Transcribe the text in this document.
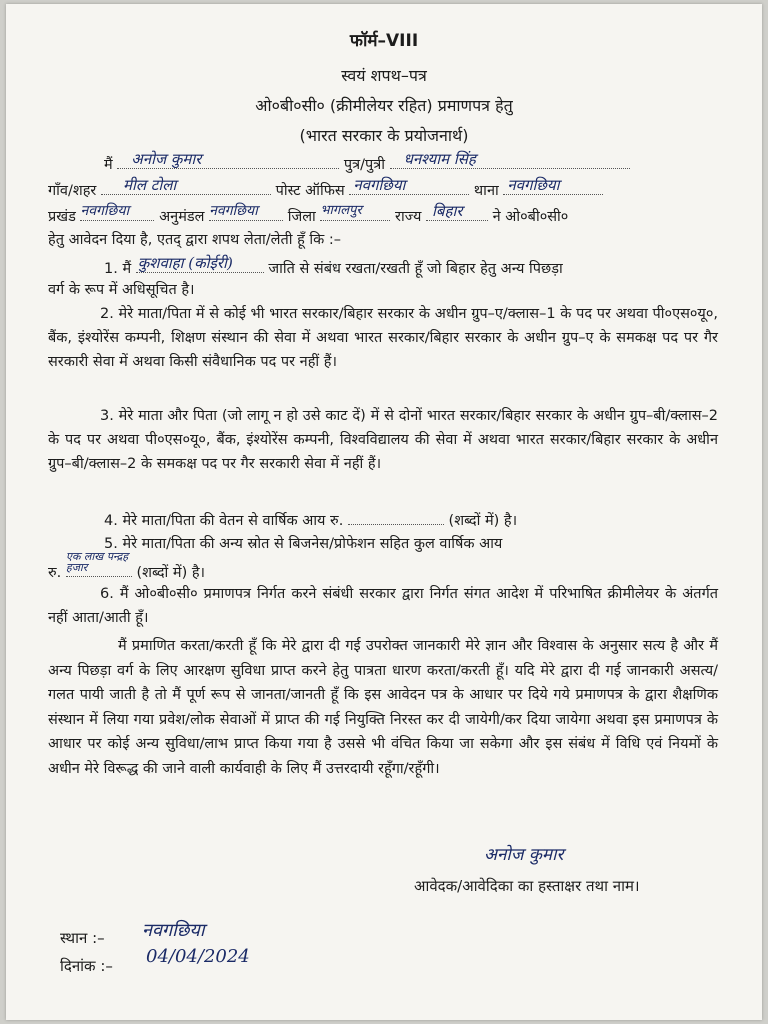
फॉर्म–VIII
स्वयं शपथ–पत्र
ओ०बी०सी० (क्रीमीलेयर रहित) प्रमाणपत्र हेतु
(भारत सरकार के प्रयोजनार्थ)
मैं अनोज कुमार	पुत्र/पुत्री धनश्याम सिंह
गाँव/शहर मील टोला	पोस्ट ऑफिस नवगछिया	थाना नवगछिया
प्रखंड नवगछिया अनुमंडल नवगछिया जिला भागलपुर राज्य बिहार ने ओ०बी०सी०
हेतु आवेदन दिया है, एतद् द्वारा शपथ लेता/लेती हूँ कि :–
1. मैं कुशवाहा (कोईरी) जाति से संबंध रखता/रखती हूँ जो बिहार हेतु अन्य पिछड़ा
वर्ग के रूप में अधिसूचित है।
2. मेरे माता/पिता में से कोई भी भारत सरकार/बिहार सरकार के अधीन ग्रुप–ए/क्लास–1 के पद पर अथवा पी०एस०यू०, बैंक, इंश्योरेंस कम्पनी, शिक्षण संस्थान की सेवा में अथवा भारत सरकार/बिहार सरकार के अधीन ग्रुप–ए के समकक्ष पद पर गैर सरकारी सेवा में अथवा किसी संवैधानिक पद पर नहीं हैं।
3. मेरे माता और पिता (जो लागू न हो उसे काट दें) में से दोनों भारत सरकार/बिहार सरकार के अधीन ग्रुप–बी/क्लास–2 के पद पर अथवा पी०एस०यू०, बैंक, इंश्योरेंस कम्पनी, विश्वविद्यालय की सेवा में अथवा भारत सरकार/बिहार सरकार के अधीन ग्रुप–बी/क्लास–2 के समकक्ष पद पर गैर सरकारी सेवा में नहीं हैं।
4. मेरे माता/पिता की वेतन से वार्षिक आय रु.	(शब्दों में) है।
5. मेरे माता/पिता की अन्य स्रोत से बिजनेस/प्रोफेशन सहित कुल वार्षिक आय
रु.
एक लाख पन्द्रह हजार	(शब्दों में) है।
6. मैं ओ०बी०सी० प्रमाणपत्र निर्गत करने संबंधी सरकार द्वारा निर्गत संगत आदेश में परिभाषित क्रीमीलेयर के अंतर्गत नहीं आता/आती हूँ।
मैं प्रमाणित करता/करती हूँ कि मेरे द्वारा दी गई उपरोक्त जानकारी मेरे ज्ञान और विश्वास के अनुसार सत्य है और मैं अन्य पिछड़ा वर्ग के लिए आरक्षण सुविधा प्राप्त करने हेतु पात्रता धारण करता/करती हूँ। यदि मेरे द्वारा दी गई जानकारी असत्य/गलत पायी जाती है तो मैं पूर्ण रूप से जानता/जानती हूँ कि इस आवेदन पत्र के आधार पर दिये गये प्रमाणपत्र के द्वारा शैक्षणिक संस्थान में लिया गया प्रवेश/लोक सेवाओं में प्राप्त की गई नियुक्ति निरस्त कर दी जायेगी/कर दिया जायेगा अथवा इस प्रमाणपत्र के आधार पर कोई अन्य सुविधा/लाभ प्राप्त किया गया है उससे भी वंचित किया जा सकेगा और इस संबंध में विधि एवं नियमों के अधीन मेरे विरूद्ध की जाने वाली कार्यवाही के लिए मैं उत्तरदायी रहूँगा/रहूँगी।
अनोज कुमार
आवेदक/आवेदिका का हस्ताक्षर तथा नाम।
स्थान :– नवगछिया
दिनांक :– 04/04/2024
